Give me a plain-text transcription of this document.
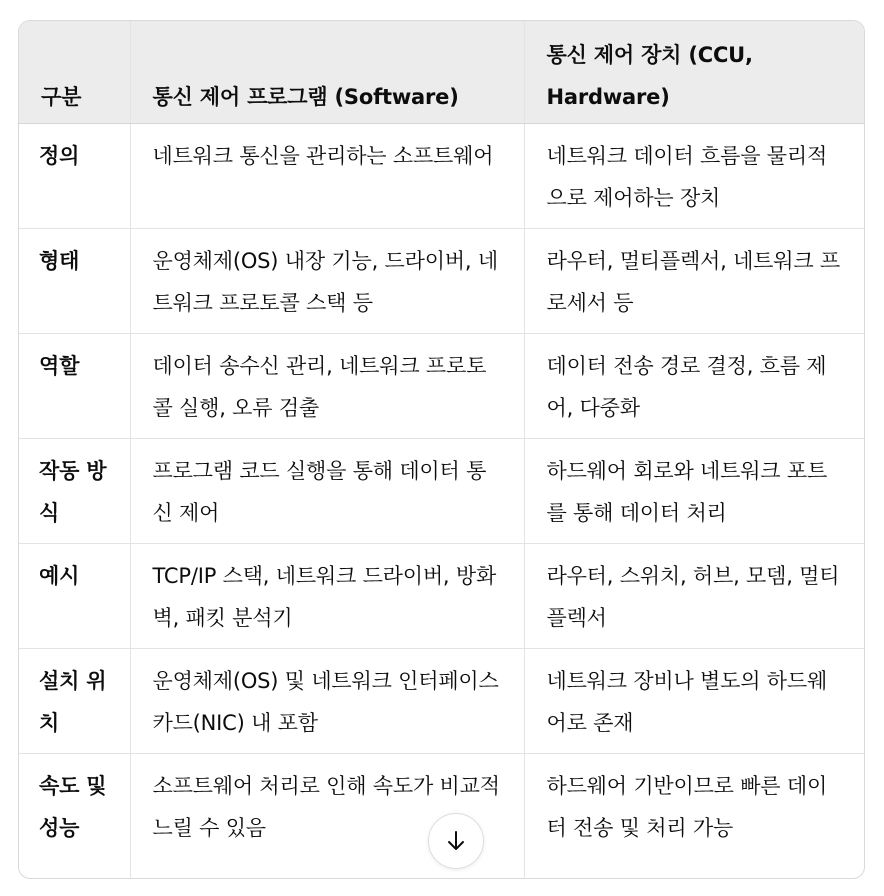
구분	통신 제어 프로그램 (Software)	통신 제어 장치 (CCU, Hardware)
정의	네트워크 통신을 관리하는 소프트웨어	네트워크 데이터 흐름을 물리적으로 제어하는 장치
형태	운영체제(OS) 내장 기능, 드라이버, 네트워크 프로토콜 스택 등	라우터, 멀티플렉서, 네트워크 프로세서 등
역할	데이터 송수신 관리, 네트워크 프로토콜 실행, 오류 검출	데이터 전송 경로 결정, 흐름 제어, 다중화
작동 방식	프로그램 코드 실행을 통해 데이터 통신 제어	하드웨어 회로와 네트워크 포트를 통해 데이터 처리
예시	TCP/IP 스택, 네트워크 드라이버, 방화벽, 패킷 분석기	라우터, 스위치, 허브, 모뎀, 멀티플렉서
설치 위치	운영체제(OS) 및 네트워크 인터페이스 카드(NIC) 내 포함	네트워크 장비나 별도의 하드웨어로 존재
속도 및 성능	소프트웨어 처리로 인해 속도가 비교적 느릴 수 있음	하드웨어 기반이므로 빠른 데이터 전송 및 처리 가능
